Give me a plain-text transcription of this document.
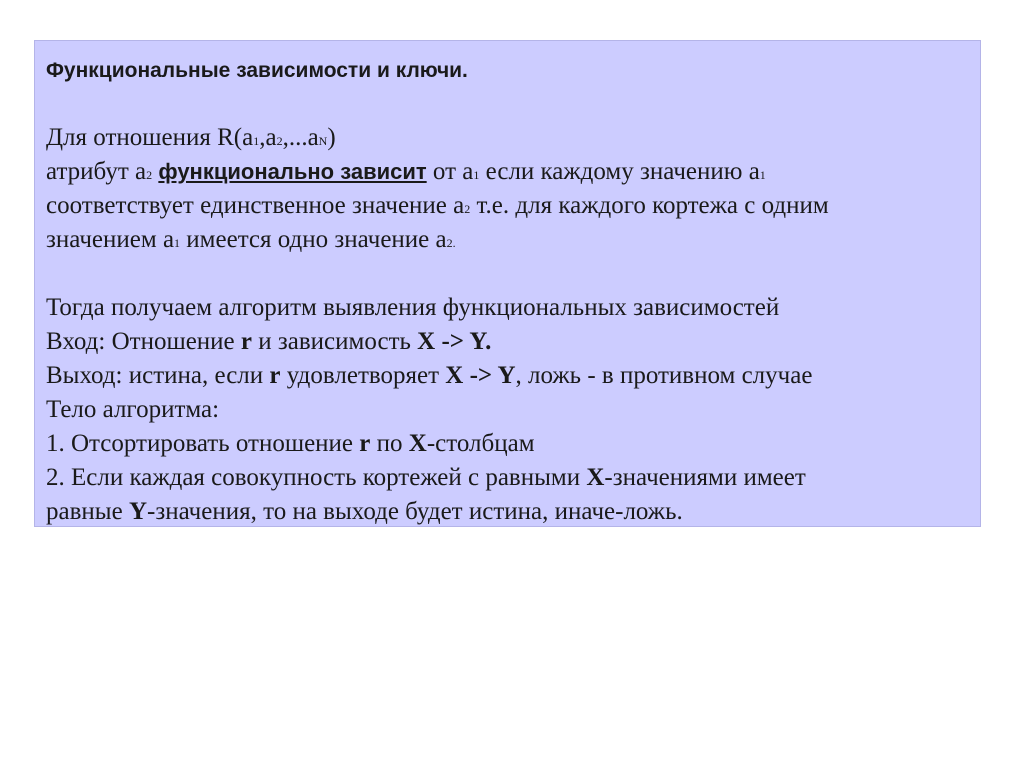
Функциональные зависимости и ключи.
Для отношения R(a1,a2,...aN)
атрибут a2 функционально зависит от a1 если каждому значению a1
соответствует единственное значение a2 т.е. для каждого кортежа с одним
значением a1 имеется одно значение a2.
Тогда получаем алгоритм выявления функциональных зависимостей
Вход: Отношение r и зависимость X -> Y.
Выход: истина, если r удовлетворяет X -> Y, ложь - в противном случае
Тело алгоритма:
1. Отсортировать отношение r по X-столбцам
2. Если каждая совокупность кортежей с равными X-значениями имеет
равные Y-значения, то на выходе будет истина, иначе-ложь.
